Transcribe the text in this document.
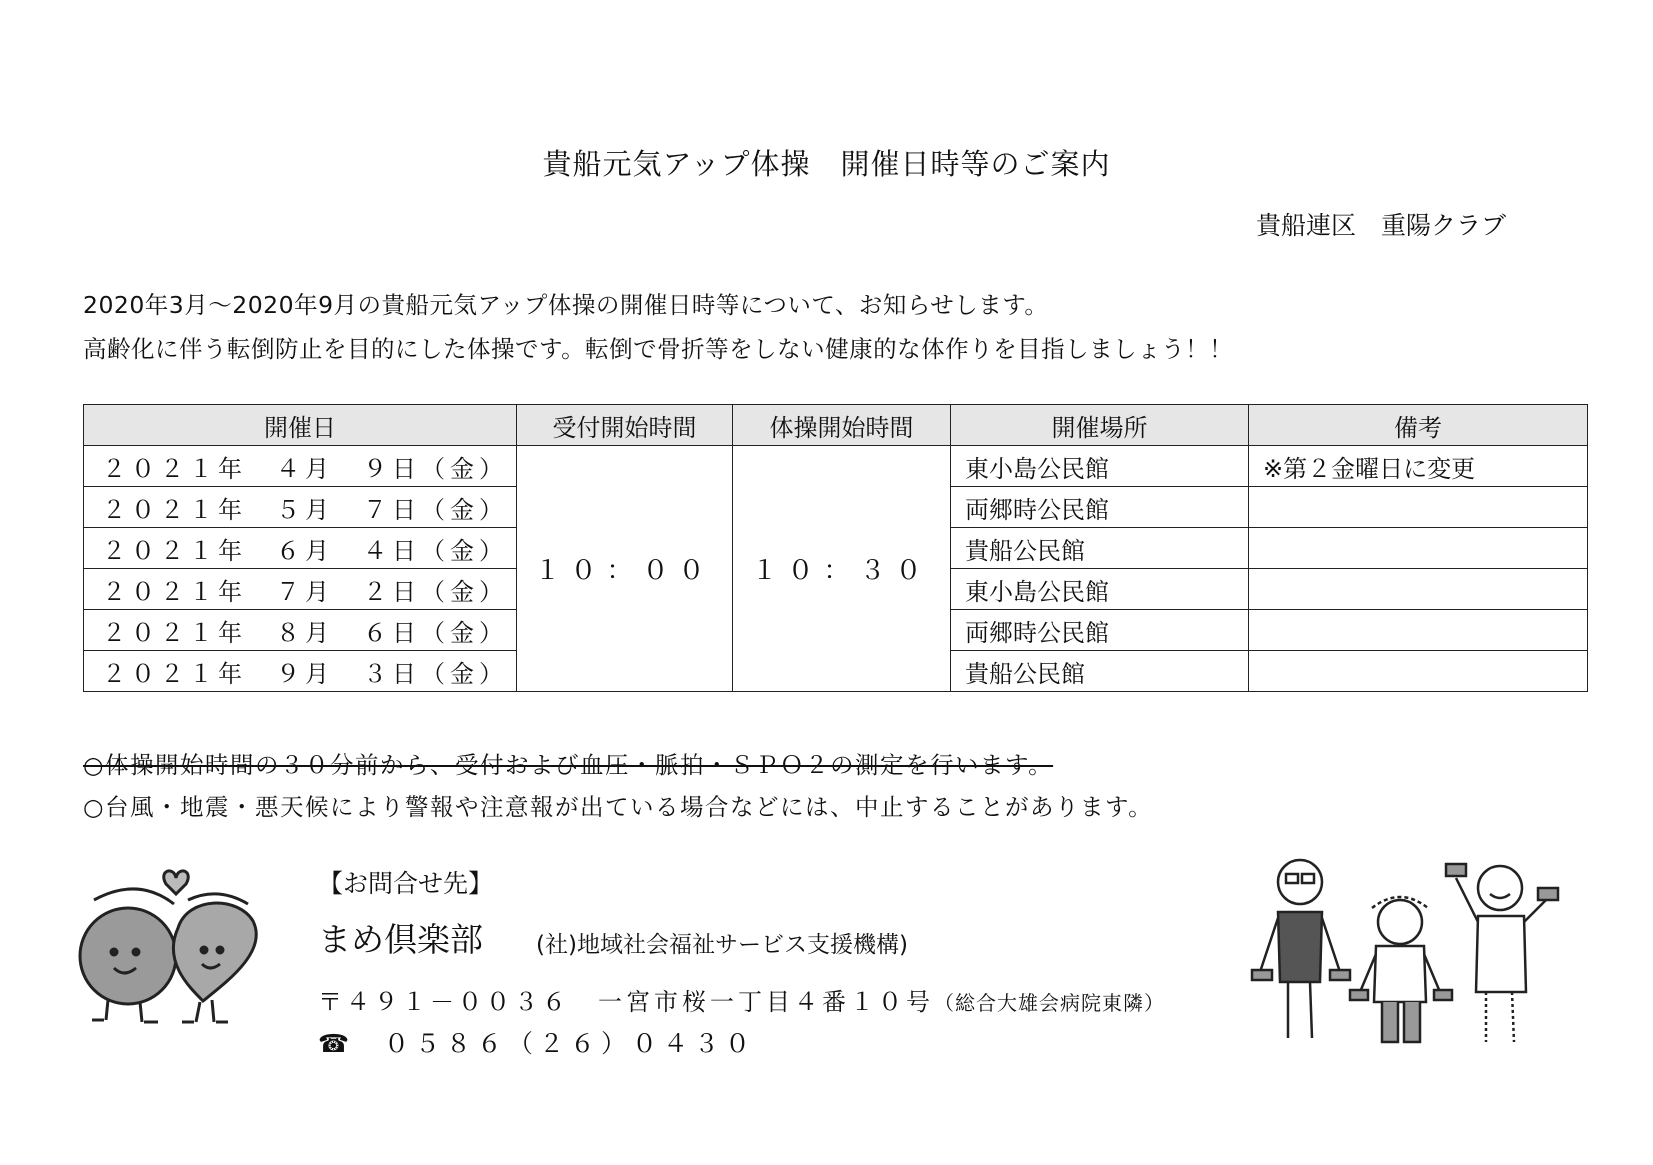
貴船元気アップ体操　開催日時等のご案内
貴船連区　重陽クラブ
2020年3月～2020年9月の貴船元気アップ体操の開催日時等について、お知らせします。
高齢化に伴う転倒防止を目的にした体操です。転倒で骨折等をしない健康的な体作りを目指しましょう！！
開催日	受付開始時間	体操開始時間	開催場所	備考
２０２１年　４月　９日（金）	１０：００	１０：３０	東小島公民館	※第２金曜日に変更
２０２１年　５月　７日（金）			両郷時公民館	
２０２１年　６月　４日（金）			貴船公民館	
２０２１年　７月　２日（金）			東小島公民館	
２０２１年　８月　６日（金）			両郷時公民館	
２０２１年　９月　３日（金）			貴船公民館	
○体操開始時間の３０分前から、受付および血圧・脈拍・ＳＰＯ２の測定を行います。
○台風・地震・悪天候により警報や注意報が出ている場合などには、中止することがあります。
【お問合せ先】
まめ倶楽部 (社)地域社会福祉サービス支援機構)
〒４９１－００３６　一宮市桜一丁目４番１０号（総合大雄会病院東隣）
☎ ０５８６（２６）０４３０
